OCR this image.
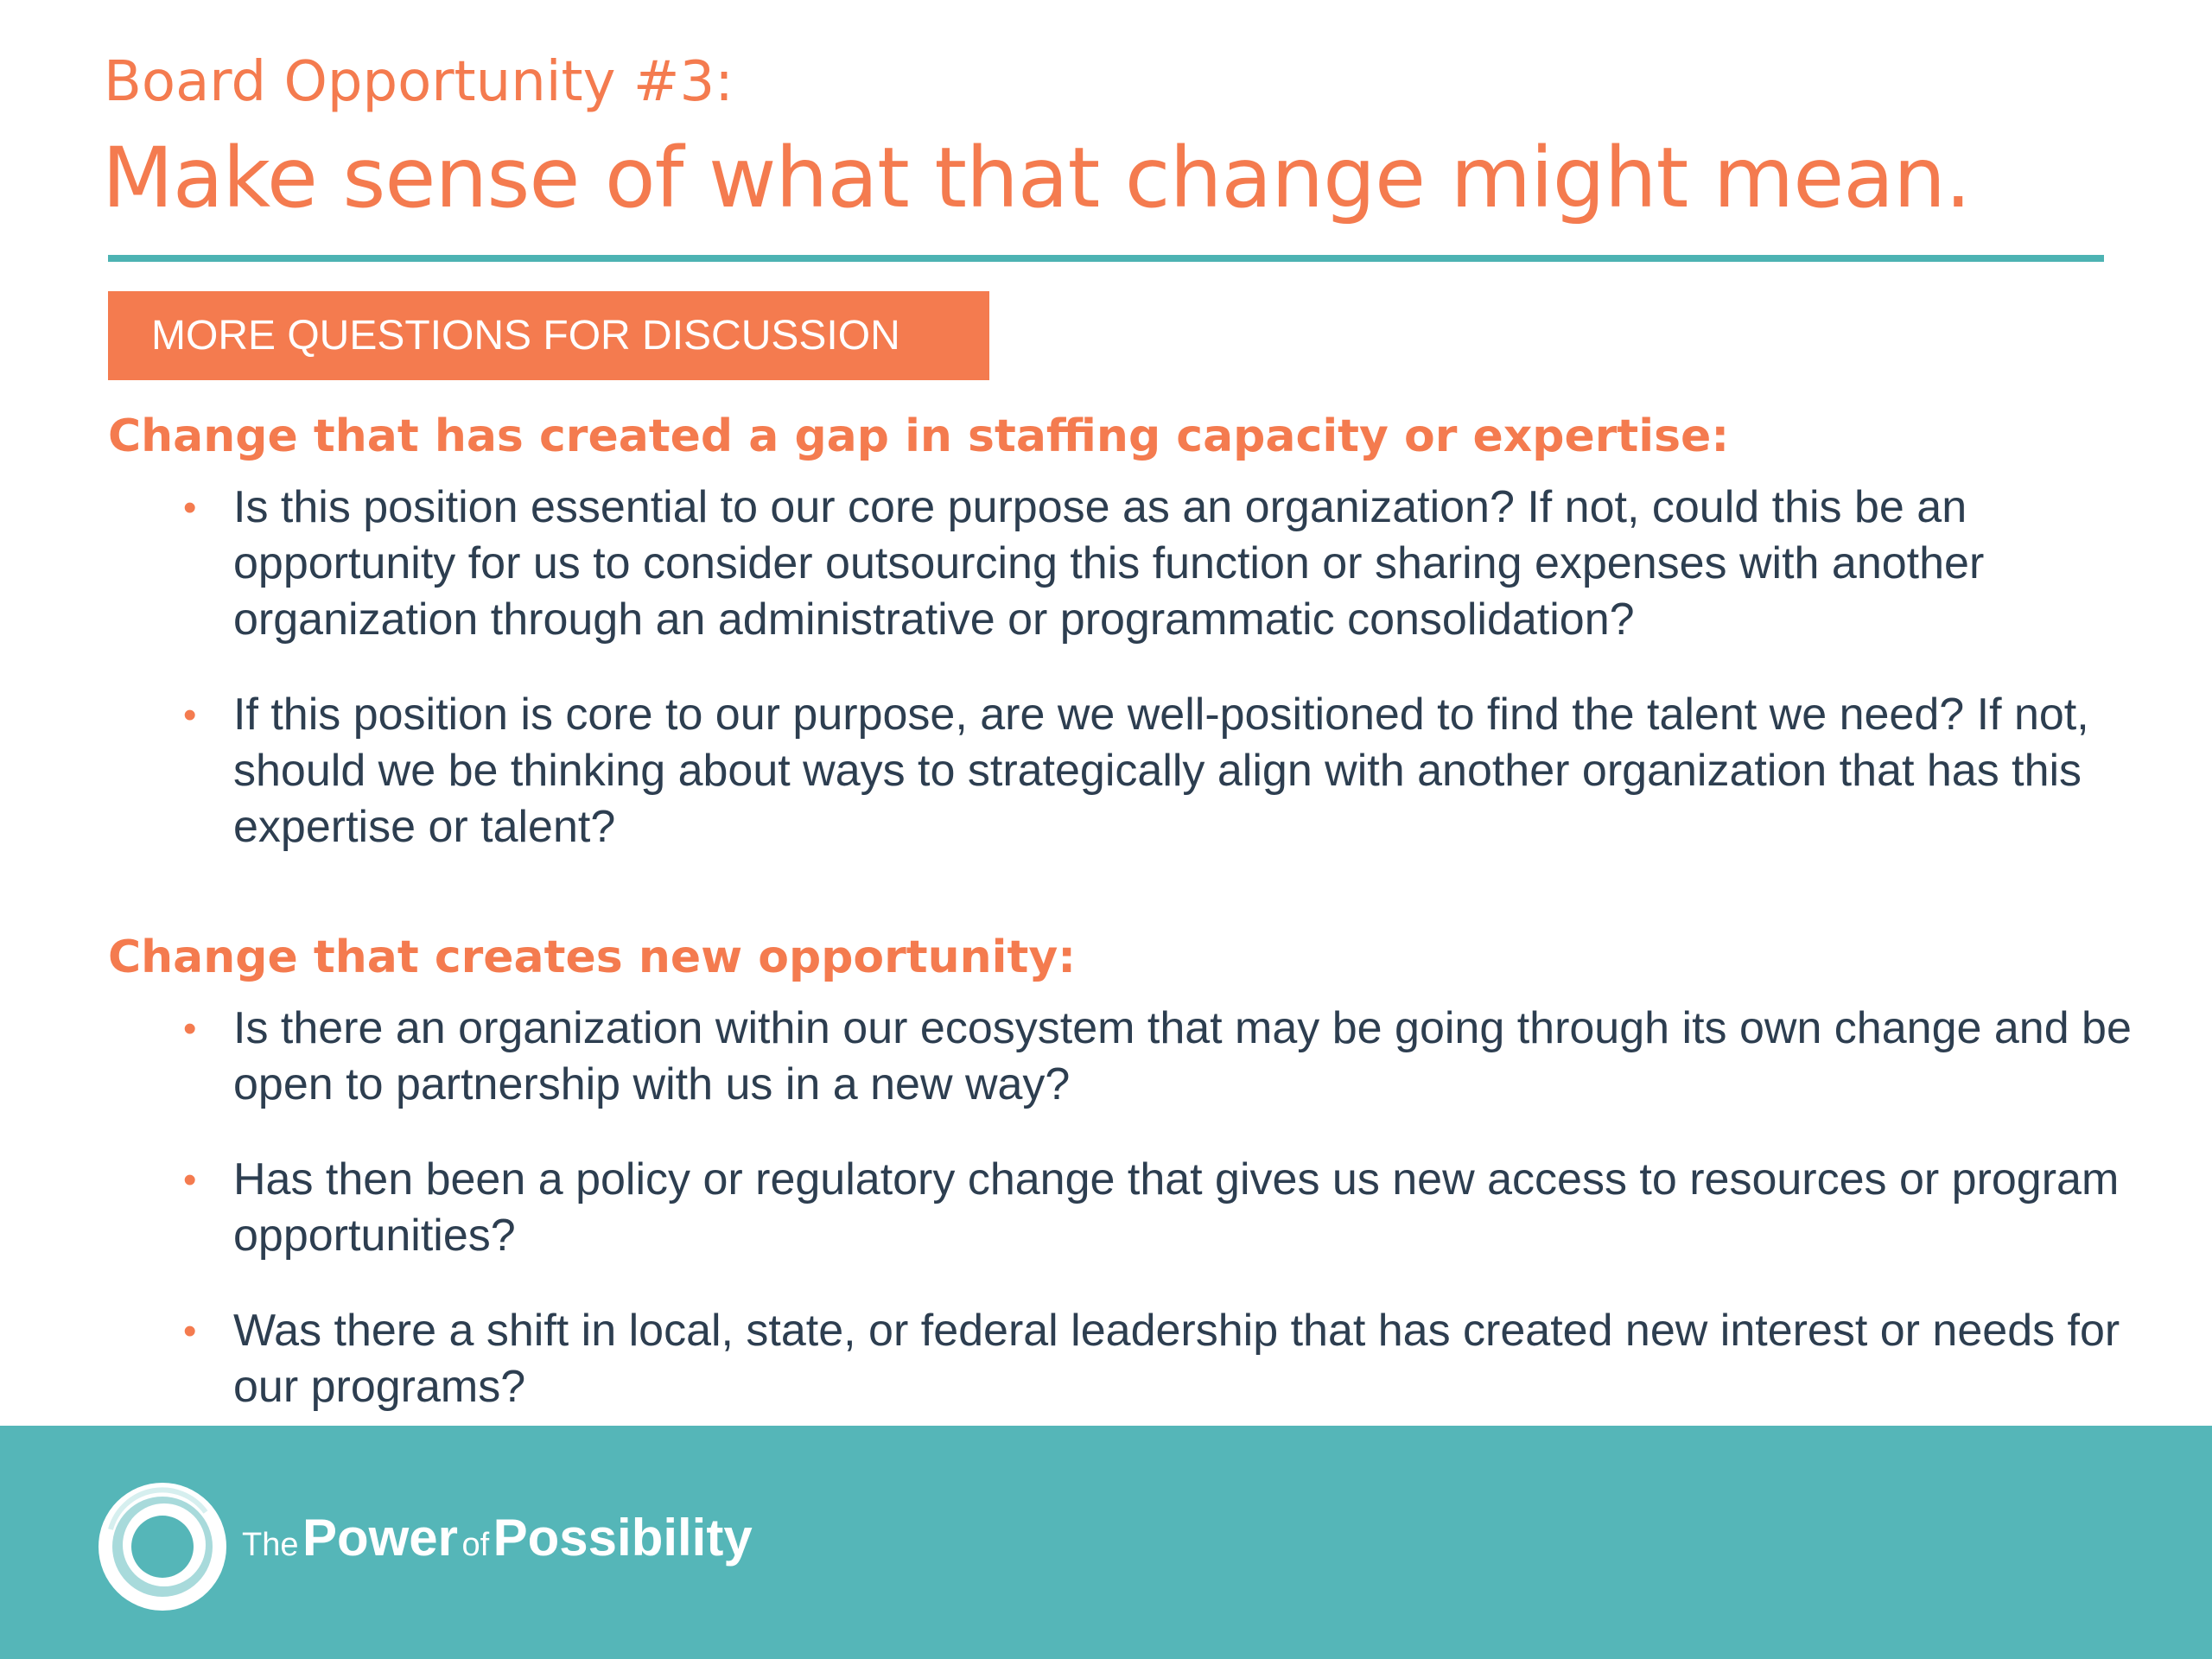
Board Opportunity #3:
Make sense of what that change might mean.
MORE QUESTIONS FOR DISCUSSION
Change that has created a gap in staffing capacity or expertise:
• Is this position essential to our core purpose as an organization? If not, could this be an opportunity for us to consider outsourcing this function or sharing expenses with another organization through an administrative or programmatic consolidation?
• If this position is core to our purpose, are we well-positioned to find the talent we need? If not, should we be thinking about ways to strategically align with another organization that has this expertise or talent?
Change that creates new opportunity:
• Is there an organization within our ecosystem that may be going through its own change and be open to partnership with us in a new way?
• Has then been a policy or regulatory change that gives us new access to resources or program opportunities?
• Was there a shift in local, state, or federal leadership that has created new interest or needs for our programs?
The Power of Possibility
